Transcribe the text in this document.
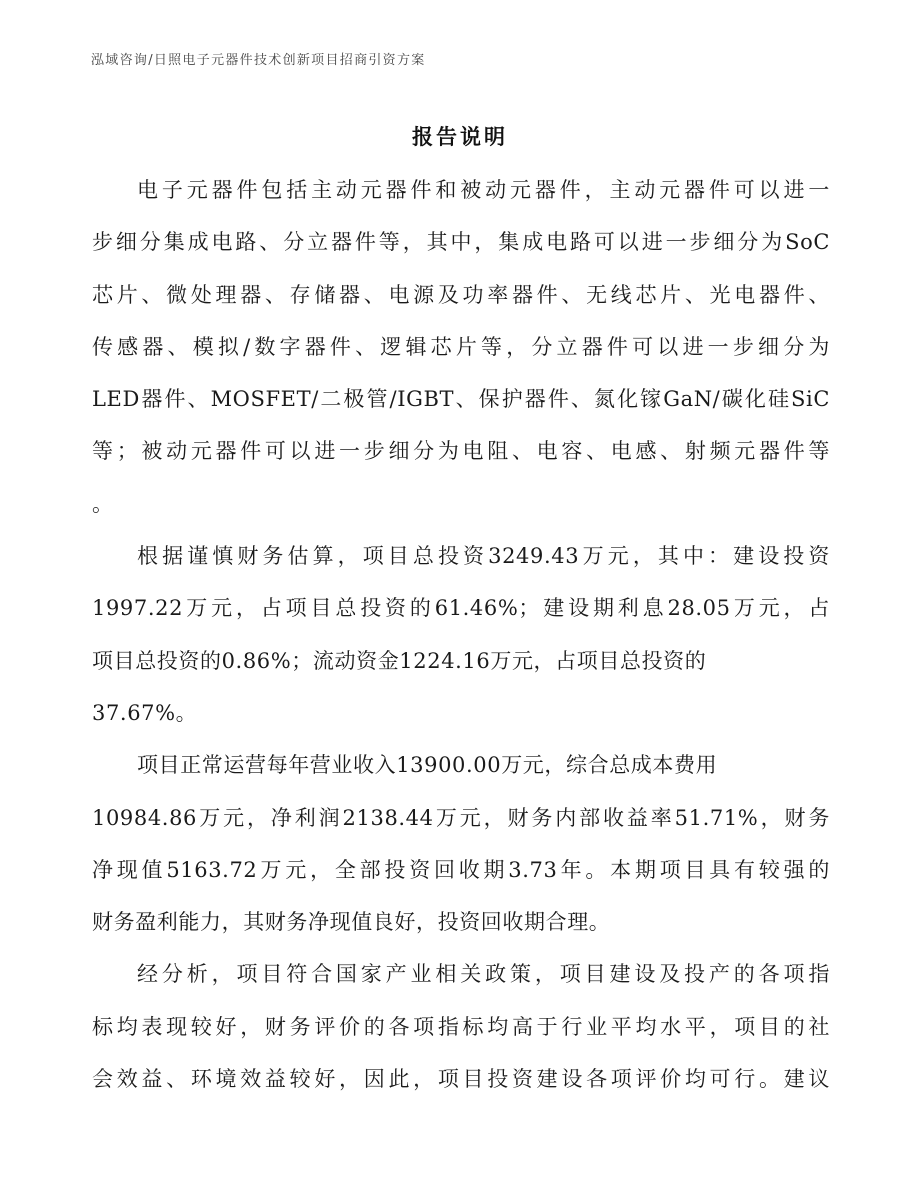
泓域咨询/日照电子元器件技术创新项目招商引资方案
报告说明
电子元器件包括主动元器件和被动元器件，主动元器件可以进一
步细分集成电路、分立器件等，其中，集成电路可以进一步细分为SoC
芯片、微处理器、存储器、电源及功率器件、无线芯片、光电器件、
传感器、模拟/数字器件、逻辑芯片等，分立器件可以进一步细分为
LED器件、MOSFET/二极管/IGBT、保护器件、氮化镓GaN/碳化硅SiC
等；被动元器件可以进一步细分为电阻、电容、电感、射频元器件等
。
根据谨慎财务估算，项目总投资3249.43万元，其中：建设投资
1997.22万元，占项目总投资的61.46%；建设期利息28.05万元，占
项目总投资的0.86%；流动资金1224.16万元，占项目总投资的
37.67%。
项目正常运营每年营业收入13900.00万元，综合总成本费用
10984.86万元，净利润2138.44万元，财务内部收益率51.71%，财务
净现值5163.72万元，全部投资回收期3.73年。本期项目具有较强的
财务盈利能力，其财务净现值良好，投资回收期合理。
经分析，项目符合国家产业相关政策，项目建设及投产的各项指
标均表现较好，财务评价的各项指标均高于行业平均水平，项目的社
会效益、环境效益较好，因此，项目投资建设各项评价均可行。建议
